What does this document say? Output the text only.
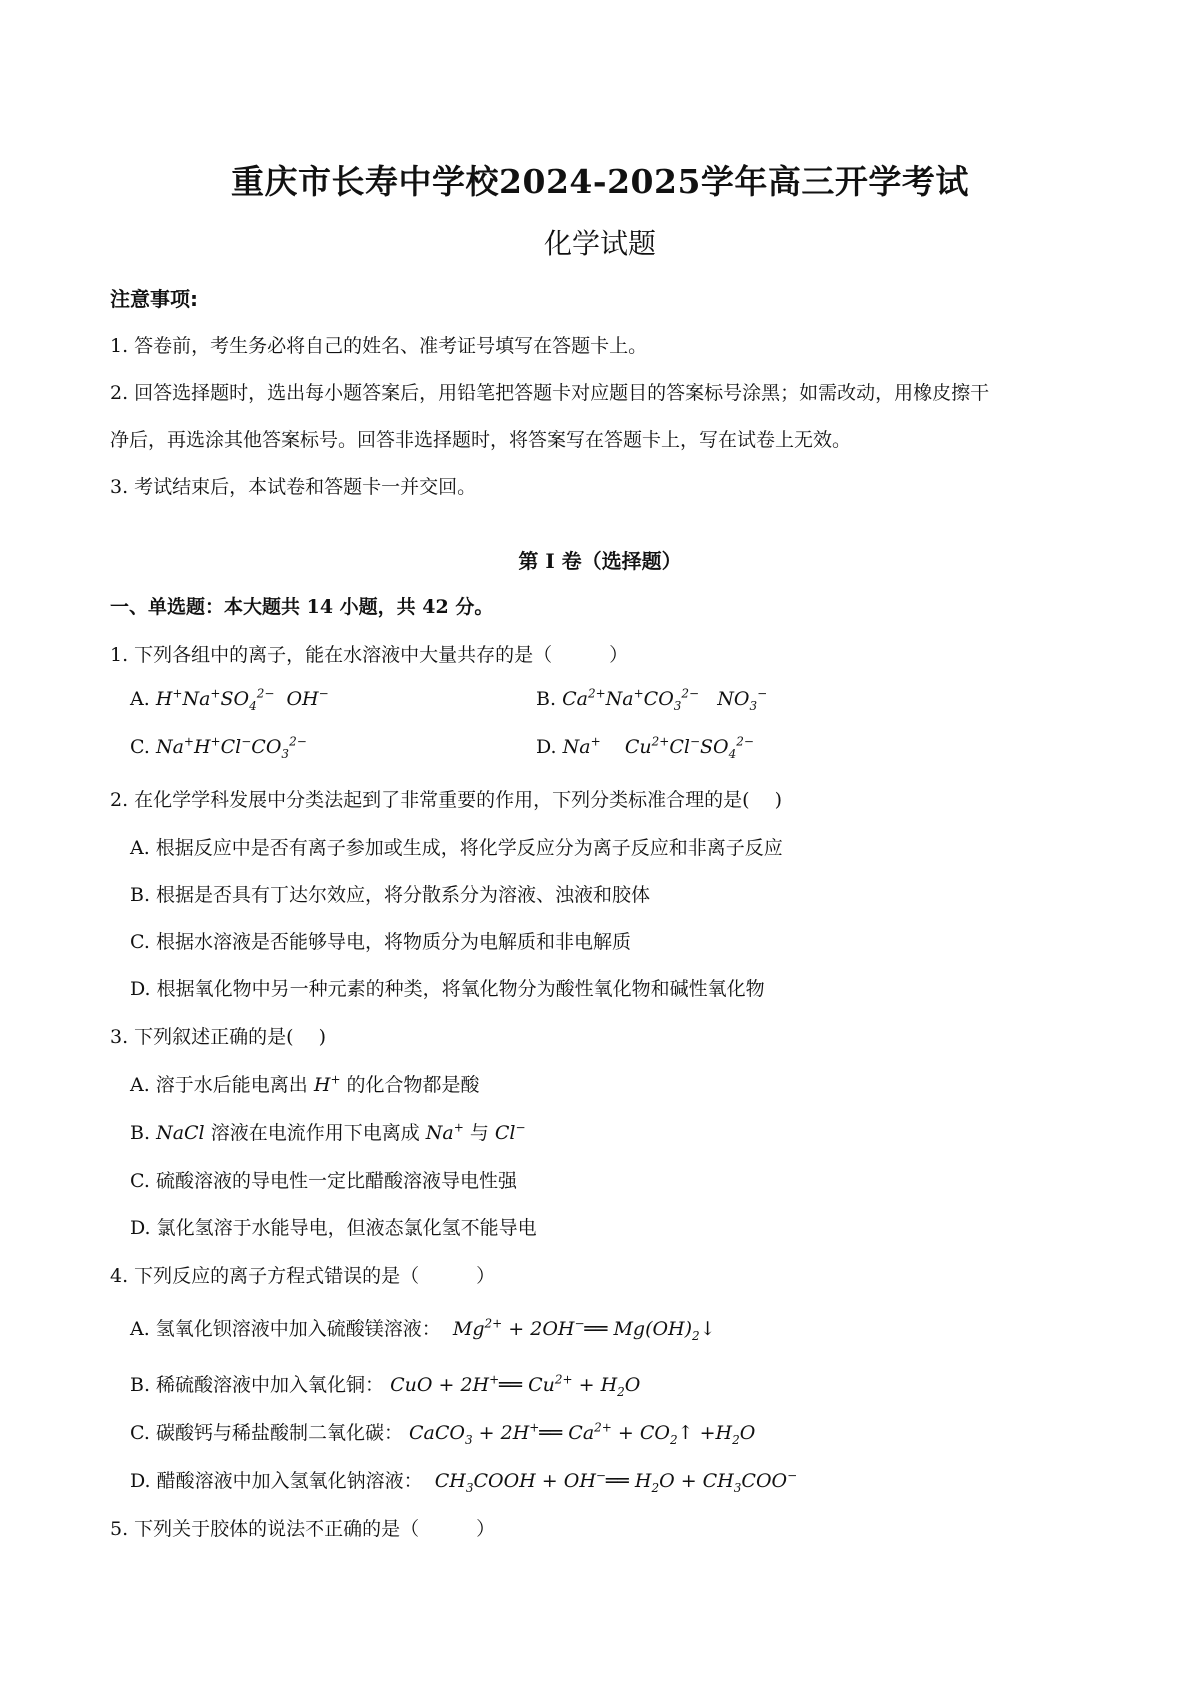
重庆市长寿中学校2024-2025学年高三开学考试
化学试题
注意事项:
1. 答卷前，考生务必将自己的姓名、准考证号填写在答题卡上。
2. 回答选择题时，选出每小题答案后，用铅笔把答题卡对应题目的答案标号涂黑；如需改动，用橡皮擦干
净后，再选涂其他答案标号。回答非选择题时，将答案写在答题卡上，写在试卷上无效。
3. 考试结束后，本试卷和答题卡一并交回。
第 I 卷（选择题）
一、单选题：本大题共 14 小题，共 42 分。
1. 下列各组中的离子，能在水溶液中大量共存的是（　　　）
A. $H^+Na^+SO_4^{2-}$  OH−	B. $Ca^{2+}Na^+CO_3^{2-}$   $NO_3^-$
C. $Na^+H^+Cl^-CO_3^{2-}$	D. Na+    $Cu^{2+}Cl^-SO_4^{2-}$
2. 在化学学科发展中分类法起到了非常重要的作用，下列分类标准合理的是(　 )
A. 根据反应中是否有离子参加或生成，将化学反应分为离子反应和非离子反应
B. 根据是否具有丁达尔效应，将分散系分为溶液、浊液和胶体
C. 根据水溶液是否能够导电，将物质分为电解质和非电解质
D. 根据氧化物中另一种元素的种类，将氧化物分为酸性氧化物和碱性氧化物
3. 下列叙述正确的是(　 )
A. 溶于水后能电离出 H+ 的化合物都是酸
B. NaCl 溶液在电流作用下电离成 Na+ 与 Cl−
C. 硫酸溶液的导电性一定比醋酸溶液导电性强
D. 氯化氢溶于水能导电，但液态氯化氢不能导电
4. 下列反应的离子方程式错误的是（　　　）
A. 氢氧化钡溶液中加入硫酸镁溶液：  $Mg^{2+}$ + 2OH−══ $Mg(OH)_2↓$
B. 稀硫酸溶液中加入氧化铜： CuO + 2H+══ $Cu^{2+} + H_2O$
C. 碳酸钙与稀盐酸制二氧化碳： CaCO$_3$ + 2H+══ $Ca^{2+}$ + $CO_2↑ +H_2O$
D. 醋酸溶液中加入氢氧化钠溶液：  $CH_3COOH$ + OH−══ $H_2O + CH_3COO^-$
5. 下列关于胶体的说法不正确的是（　　　）
